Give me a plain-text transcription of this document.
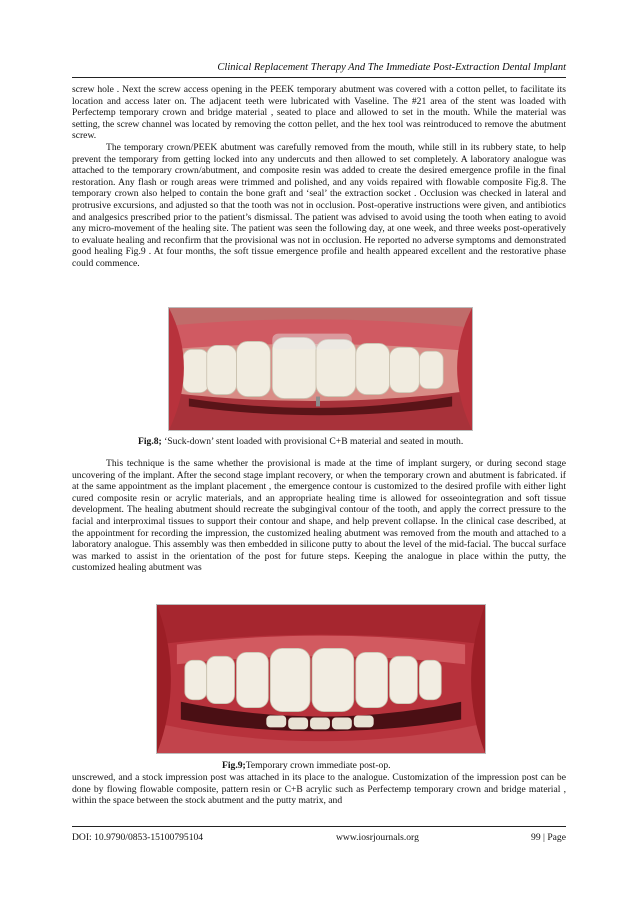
Clinical Replacement Therapy And The Immediate Post-Extraction Dental Implant

screw hole . Next the screw access opening in the PEEK temporary abutment was covered with a cotton pellet, to facilitate its location and access later on. The adjacent teeth were lubricated with Vaseline. The #21 area of the stent was loaded with Perfectemp temporary crown and bridge material , seated to place and allowed to set in the mouth. While the material was setting, the screw channel was located by removing the cotton pellet, and the hex tool was reintroduced to remove the abutment screw.

The temporary crown/PEEK abutment was carefully removed from the mouth, while still in its rubbery state, to help prevent the temporary from getting locked into any undercuts and then allowed to set completely. A laboratory analogue was attached to the temporary crown/abutment, and composite resin was added to create the desired emergence profile in the final restoration. Any flash or rough areas were trimmed and polished, and any voids repaired with flowable composite Fig.8. The temporary crown also helped to contain the bone graft and ‘seal’ the extraction socket . Occlusion was checked in lateral and protrusive excursions, and adjusted so that the tooth was not in occlusion. Post-operative instructions were given, and antibiotics and analgesics prescribed prior to the patient’s dismissal. The patient was advised to avoid using the tooth when eating to avoid any micro-movement of the healing site. The patient was seen the following day, at one week, and three weeks post-operatively to evaluate healing and reconfirm that the provisional was not in occlusion. He reported no adverse symptoms and demonstrated good healing Fig.9 . At four months, the soft tissue emergence profile and health appeared excellent and the restorative phase could commence.

Fig.8; ‘Suck-down’ stent loaded with provisional C+B material and seated in mouth.

This technique is the same whether the provisional is made at the time of implant surgery, or during second stage uncovering of the implant. After the second stage implant recovery, or when the temporary crown and abutment is fabricated. if at the same appointment as the implant placement , the emergence contour is customized to the desired profile with either light cured composite resin or acrylic materials, and an appropriate healing time is allowed for osseointegration and soft tissue development. The healing abutment should recreate the subgingival contour of the tooth, and apply the correct pressure to the facial and interproximal tissues to support their contour and shape, and help prevent collapse. In the clinical case described, at the appointment for recording the impression, the customized healing abutment was removed from the mouth and attached to a laboratory analogue. This assembly was then embedded in silicone putty to about the level of the mid-facial. The buccal surface was marked to assist in the orientation of the post for future steps. Keeping the analogue in place within the putty, the customized healing abutment was

Fig.9;Temporary crown immediate post-op.

unscrewed, and a stock impression post was attached in its place to the analogue. Customization of the impression post can be done by flowing flowable composite, pattern resin or C+B acrylic such as Perfectemp temporary crown and bridge material , within the space between the stock abutment and the putty matrix, and

DOI: 10.9790/0853-15100795104	www.iosrjournals.org	99 | Page
